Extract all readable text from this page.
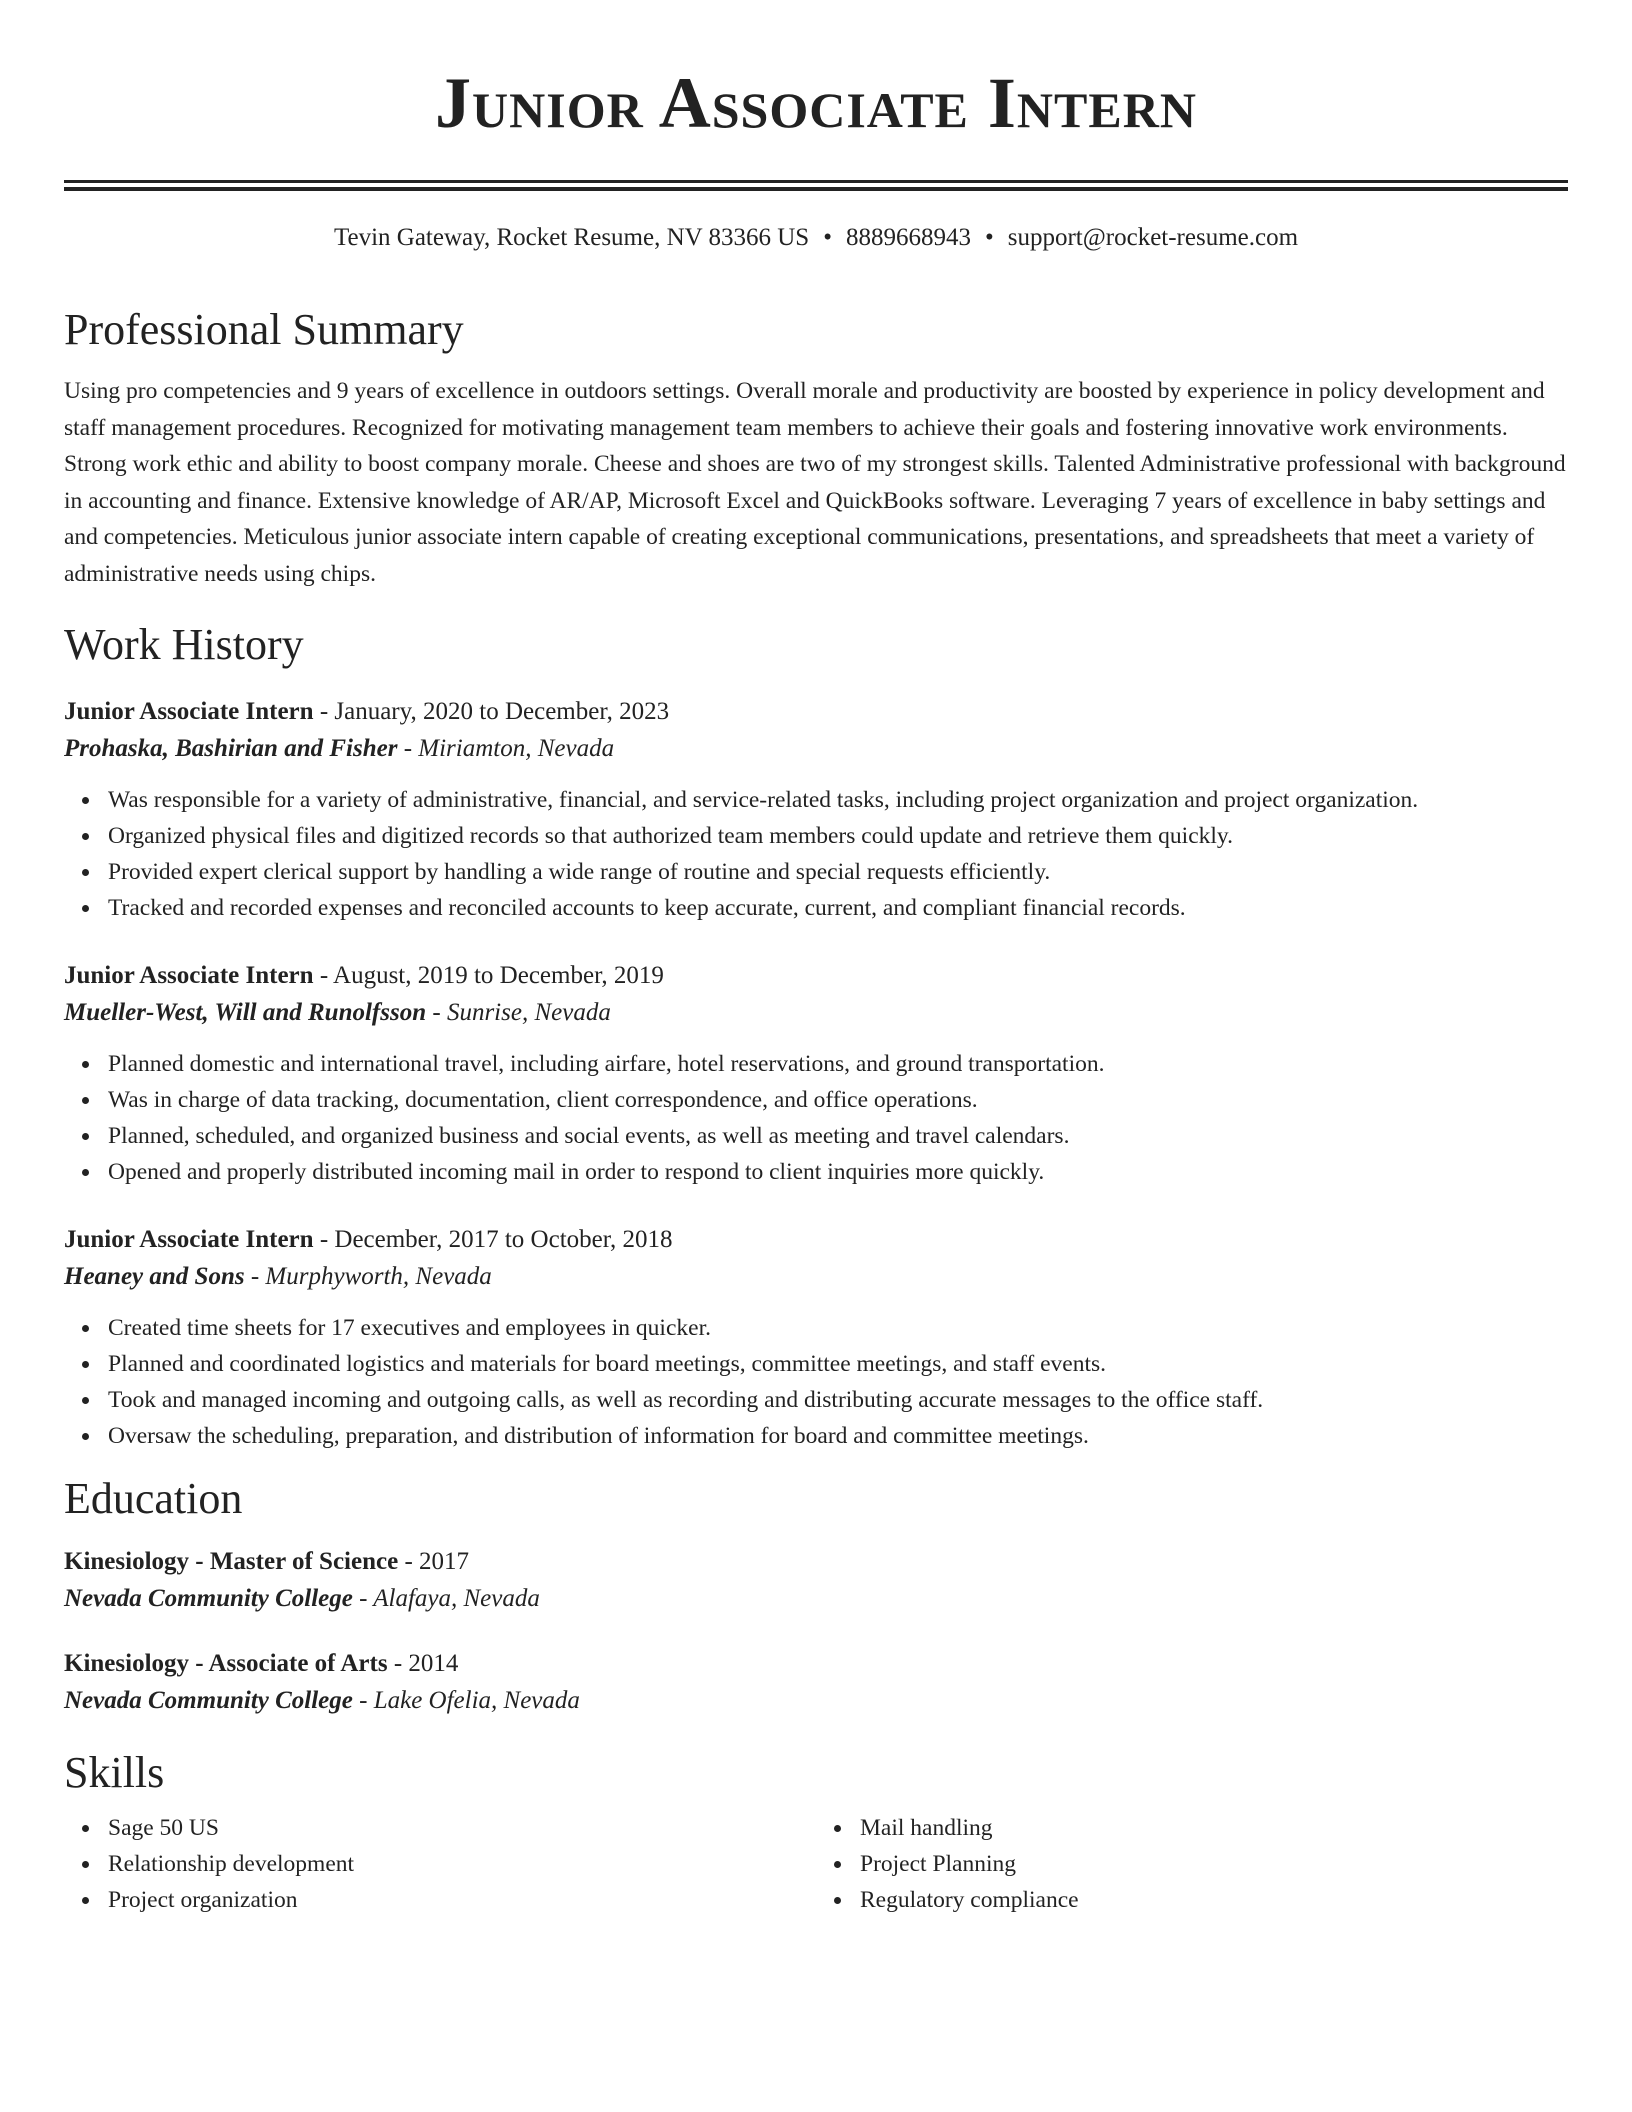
Junior Associate Intern
Tevin Gateway, Rocket Resume, NV 83366 US • 8889668943 • support@rocket-resume.com
Professional Summary

Using pro competencies and 9 years of excellence in outdoors settings. Overall morale and productivity are boosted by experience in policy development and staff management procedures. Recognized for motivating management team members to achieve their goals and fostering innovative work environments. Strong work ethic and ability to boost company morale. Cheese and shoes are two of my strongest skills. Talented Administrative professional with background in accounting and finance. Extensive knowledge of AR/AP, Microsoft Excel and QuickBooks software. Leveraging 7 years of excellence in baby settings and and competencies. Meticulous junior associate intern capable of creating exceptional communications, presentations, and spreadsheets that meet a variety of administrative needs using chips.

Work History
Junior Associate Intern - January, 2020 to December, 2023
Prohaska, Bashirian and Fisher - Miriamton, Nevada
Was responsible for a variety of administrative, financial, and service-related tasks, including project organization and project organization.
Organized physical files and digitized records so that authorized team members could update and retrieve them quickly.
Provided expert clerical support by handling a wide range of routine and special requests efficiently.
Tracked and recorded expenses and reconciled accounts to keep accurate, current, and compliant financial records.
Junior Associate Intern - August, 2019 to December, 2019
Mueller-West, Will and Runolfsson - Sunrise, Nevada
Planned domestic and international travel, including airfare, hotel reservations, and ground transportation.
Was in charge of data tracking, documentation, client correspondence, and office operations.
Planned, scheduled, and organized business and social events, as well as meeting and travel calendars.
Opened and properly distributed incoming mail in order to respond to client inquiries more quickly.
Junior Associate Intern - December, 2017 to October, 2018
Heaney and Sons - Murphyworth, Nevada
Created time sheets for 17 executives and employees in quicker.
Planned and coordinated logistics and materials for board meetings, committee meetings, and staff events.
Took and managed incoming and outgoing calls, as well as recording and distributing accurate messages to the office staff.
Oversaw the scheduling, preparation, and distribution of information for board and committee meetings.
Education
Kinesiology - Master of Science - 2017
Nevada Community College - Alafaya, Nevada
Kinesiology - Associate of Arts - 2014
Nevada Community College - Lake Ofelia, Nevada
Skills
Sage 50 US
Relationship development
Project organization
Mail handling
Project Planning
Regulatory compliance
